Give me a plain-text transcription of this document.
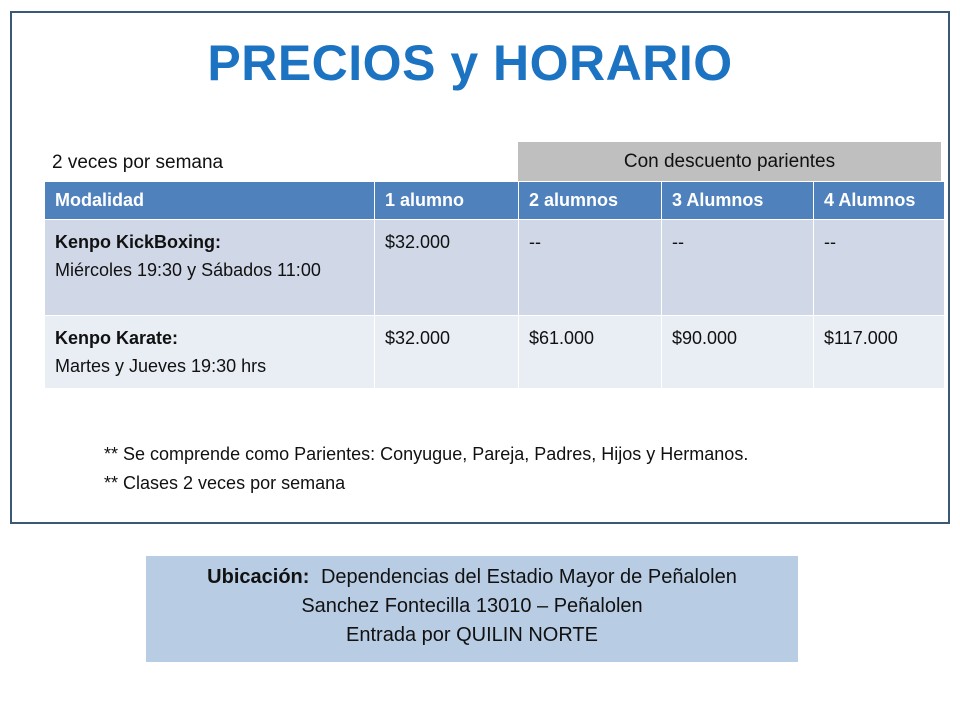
PRECIOS y HORARIO
2 veces por semana	Con descuento parientes
Modalidad	1 alumno	2 alumnos	3 Alumnos	4 Alumnos

Kenpo KickBoxing:
Miércoles 19:30 y Sábados 11:00	$32.000	--	--	--

Kenpo Karate:
Martes y Jueves 19:30 hrs	$32.000	$61.000	$90.000	$117.000
** Se comprende como Parientes: Conyugue, Pareja, Padres, Hijos y Hermanos.
** Clases 2 veces por semana
Ubicación: Dependencias del Estadio Mayor de Peñalolen
Sanchez Fontecilla 13010 – Peñalolen
Entrada por QUILIN NORTE
